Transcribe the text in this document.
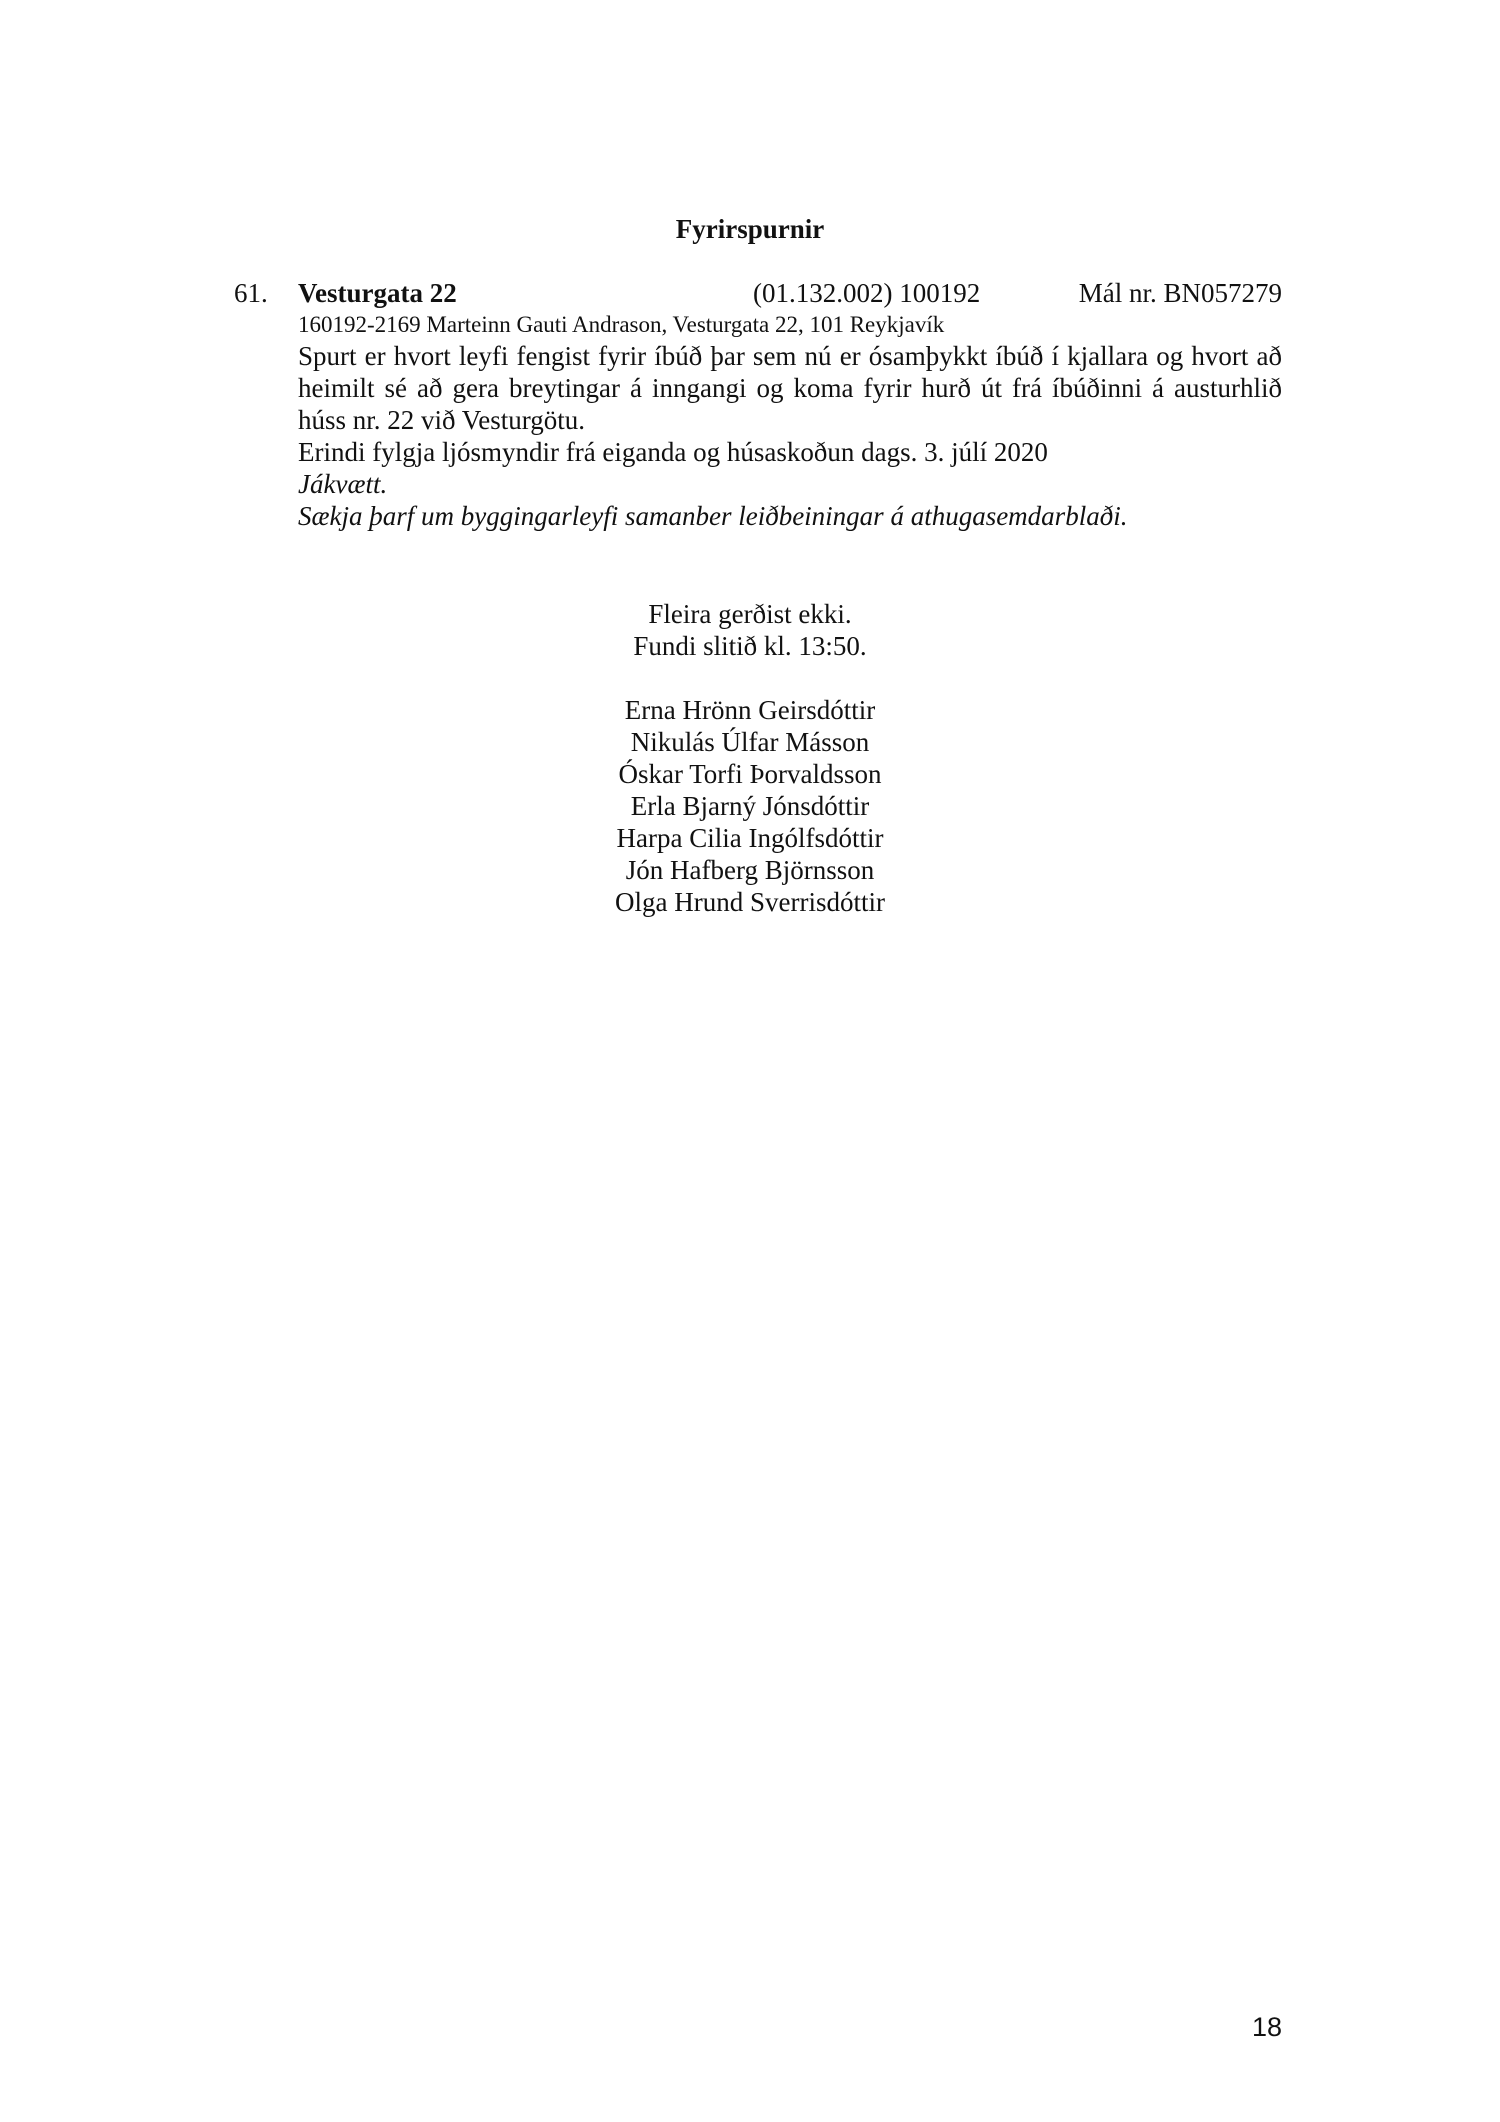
Fyrirspurnir
61. Vesturgata 22	(01.132.002) 100192	Mál nr. BN057279
160192-2169 Marteinn Gauti Andrason, Vesturgata 22, 101 Reykjavík

Spurt er hvort leyfi fengist fyrir íbúð þar sem nú er ósamþykkt íbúð í kjallara og hvort að heimilt sé að gera breytingar á inngangi og koma fyrir hurð út frá íbúðinni á austurhlið húss nr. 22 við Vesturgötu.

Erindi fylgja ljósmyndir frá eiganda og húsaskoðun dags. 3. júlí 2020

Jákvætt.

Sækja þarf um byggingarleyfi samanber leiðbeiningar á athugasemdarblaði.

Fleira gerðist ekki.

Fundi slitið kl. 13:50.

Erna Hrönn Geirsdóttir
Nikulás Úlfar Másson
Óskar Torfi Þorvaldsson
Erla Bjarný Jónsdóttir
Harpa Cilia Ingólfsdóttir
Jón Hafberg Björnsson
Olga Hrund Sverrisdóttir
18
